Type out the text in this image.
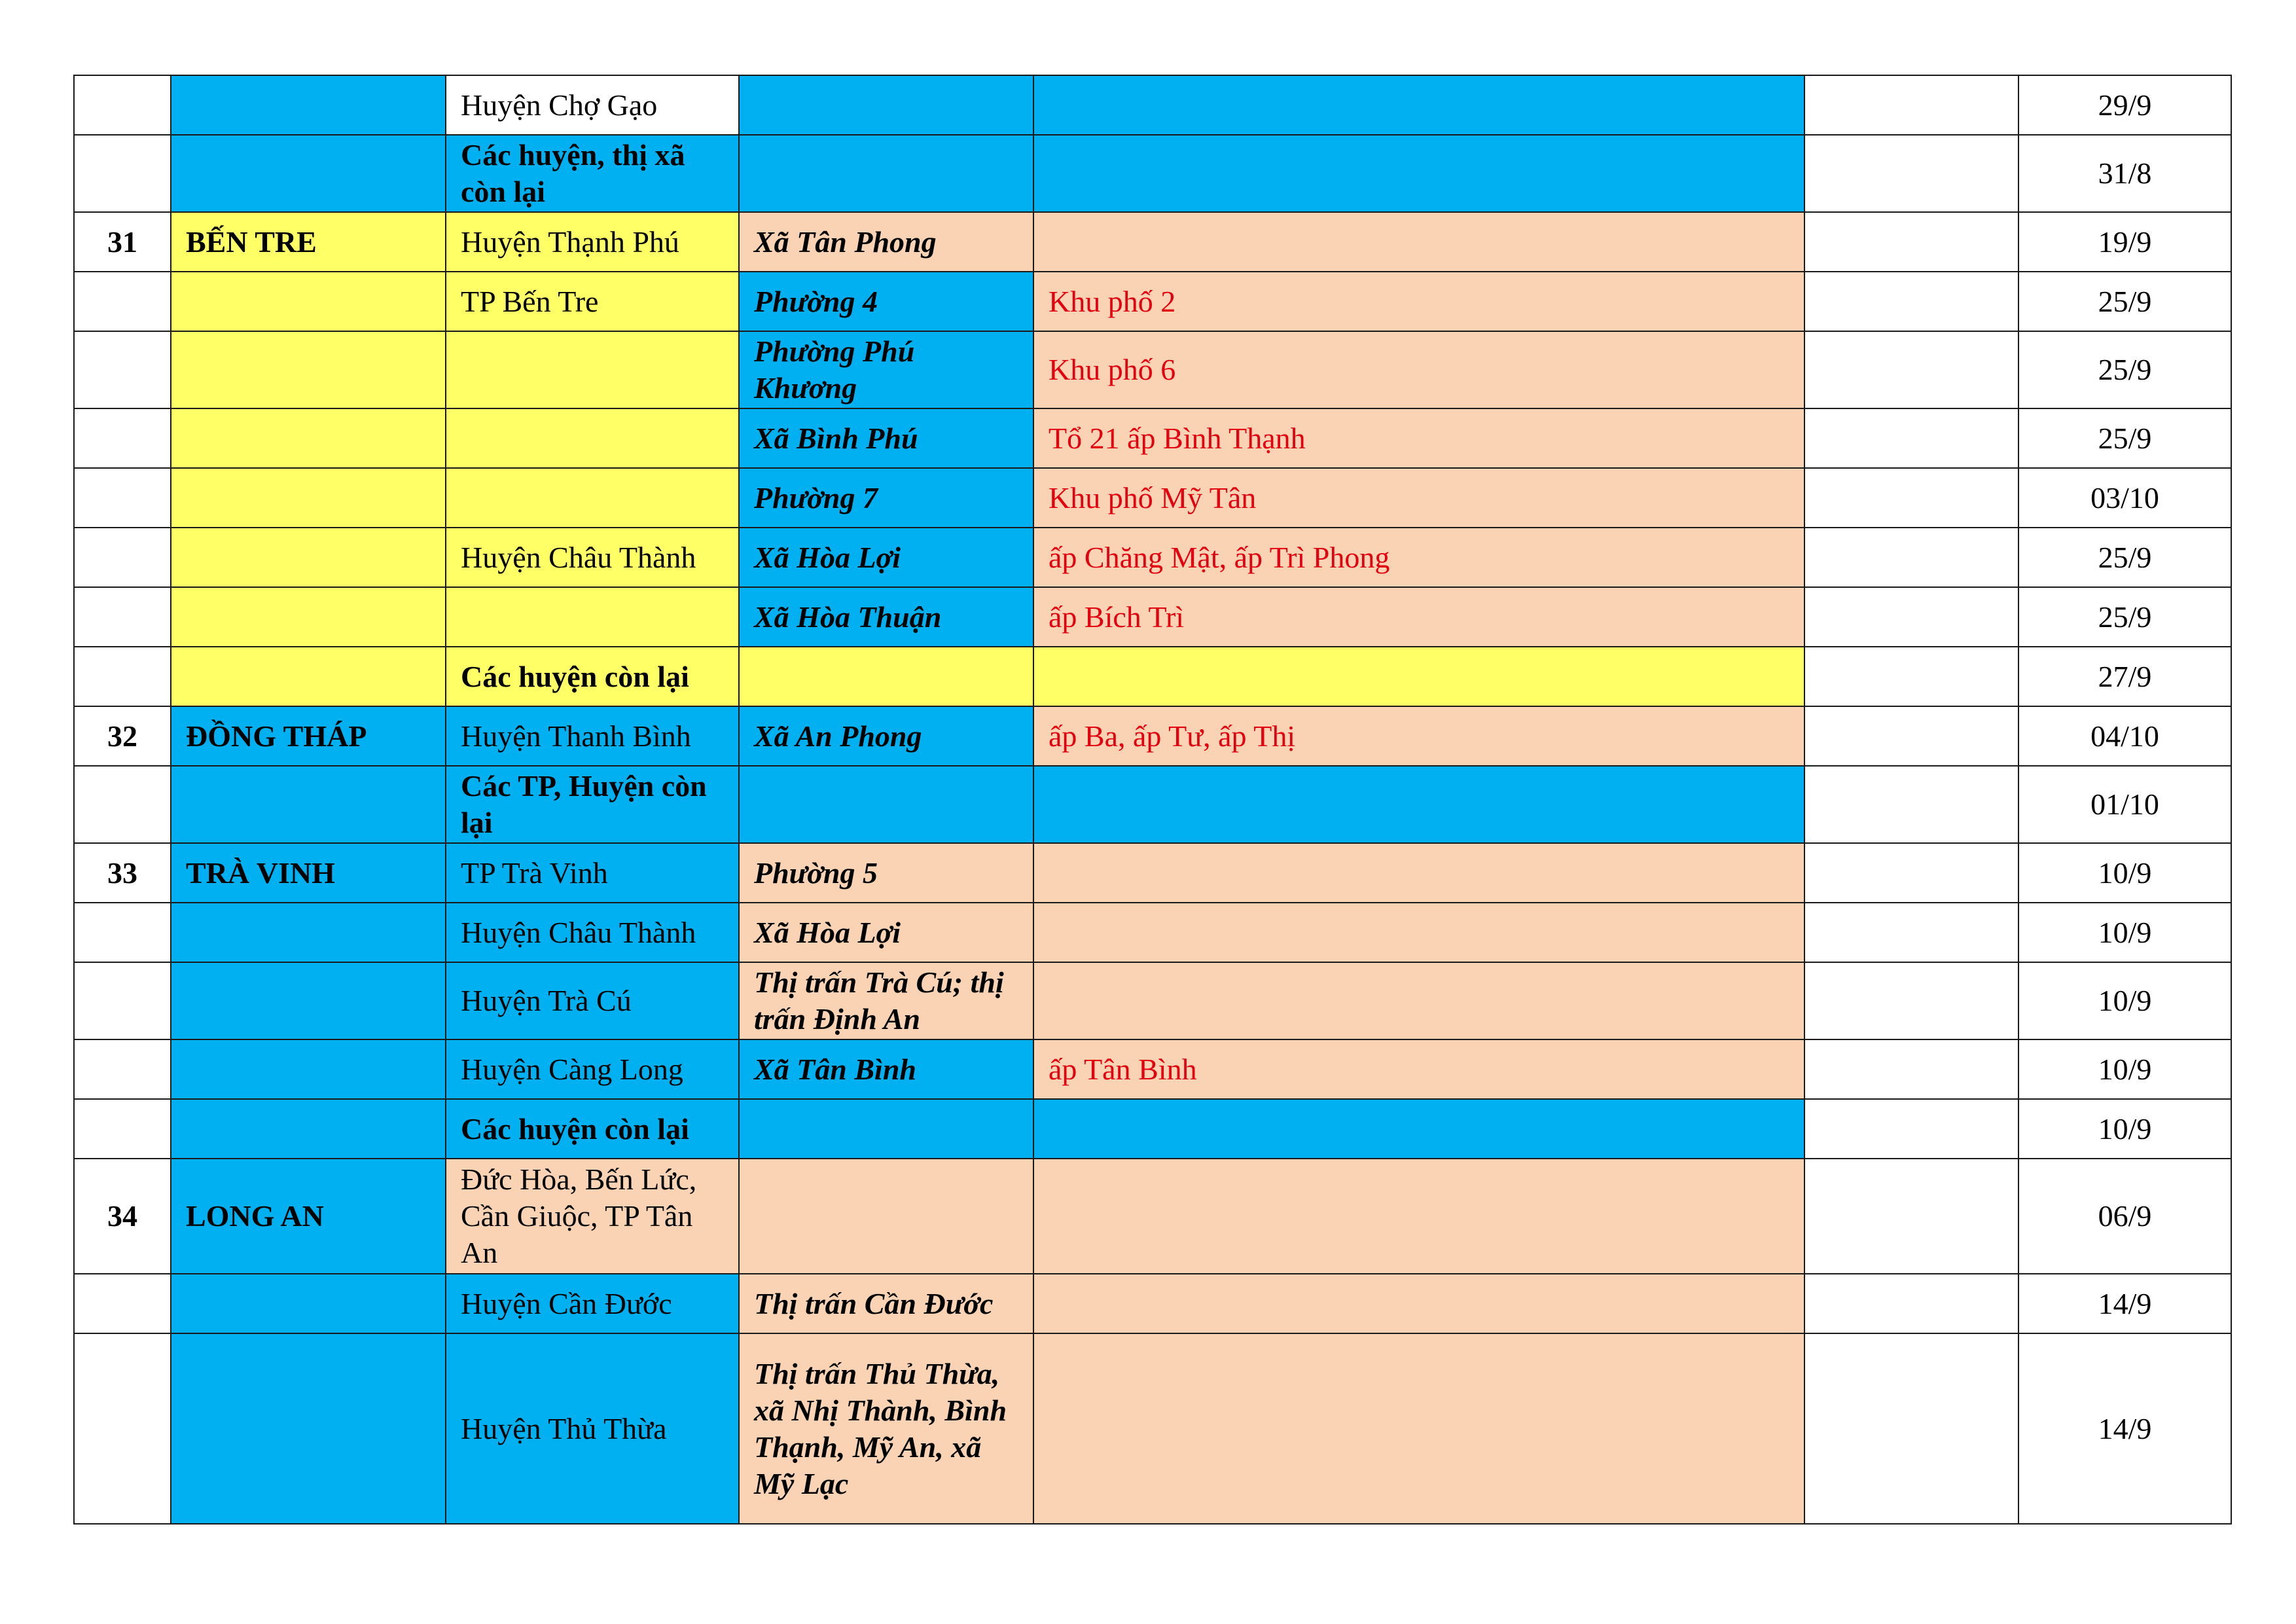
		Huyện Chợ Gạo				29/9
		Các huyện, thị xã còn lại				31/8
31	BẾN TRE	Huyện Thạnh Phú	Xã Tân Phong			19/9
		TP Bến Tre	Phường 4	Khu phố 2		25/9
			Phường Phú Khương	Khu phố 6		25/9
			Xã Bình Phú	Tổ 21 ấp Bình Thạnh		25/9
			Phường 7	Khu phố Mỹ Tân		03/10
		Huyện Châu Thành	Xã Hòa Lợi	ấp Chăng Mật, ấp Trì Phong		25/9
			Xã Hòa Thuận	ấp Bích Trì		25/9
		Các huyện còn lại				27/9
32	ĐỒNG THÁP	Huyện Thanh Bình	Xã An Phong	ấp Ba, ấp Tư, ấp Thị		04/10
		Các TP, Huyện còn lại				01/10
33	TRÀ VINH	TP Trà Vinh	Phường 5			10/9
		Huyện Châu Thành	Xã Hòa Lợi			10/9
		Huyện Trà Cú	Thị trấn Trà Cú; thị trấn Định An			10/9
		Huyện Càng Long	Xã Tân Bình	ấp Tân Bình		10/9
		Các huyện còn lại				10/9
34	LONG AN	Đức Hòa, Bến Lức, Cần Giuộc, TP Tân An				06/9
		Huyện Cần Đước	Thị trấn Cần Đước			14/9
		Huyện Thủ Thừa	Thị trấn Thủ Thừa, xã Nhị Thành, Bình Thạnh, Mỹ An, xã Mỹ Lạc			14/9
